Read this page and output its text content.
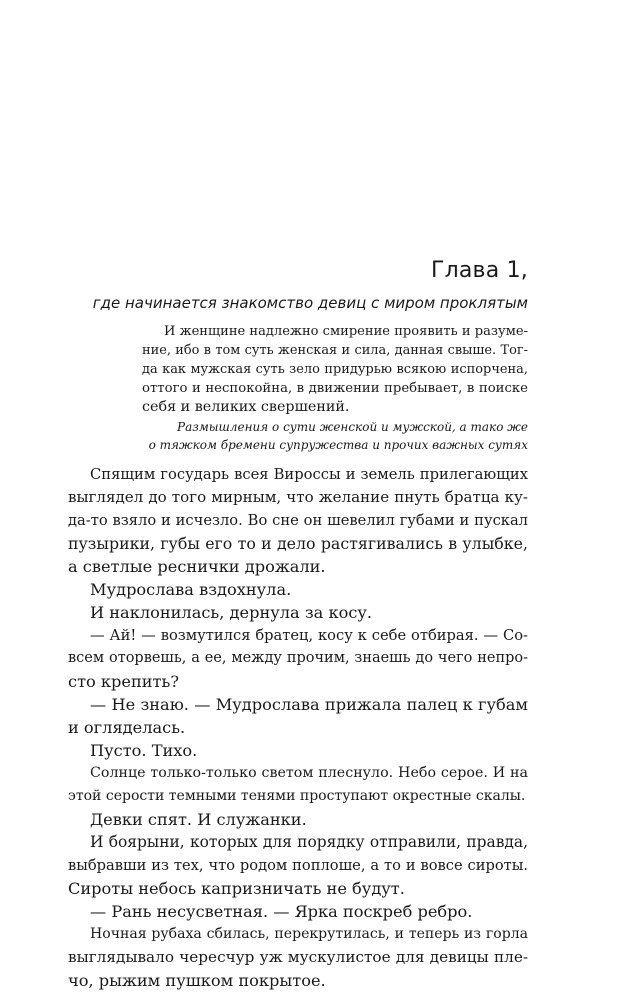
Глава 1,
где начинается знакомство девиц с миром проклятым
И женщине надлежно смирение проявить и разуме-
ние, ибо в том суть женская и сила, данная свыше. Тог-
да как мужская суть зело придурью всякою испорчена,
оттого и неспокойна, в движении пребывает, в поиске
себя и великих свершений.
Размышления о сути женской и мужской, а тако же
о тяжком бремени супружества и прочих важных сутях
Спящим государь всея Вироссы и земель прилегающих
выглядел до того мирным, что желание пнуть братца ку-
да-то взяло и исчезло. Во сне он шевелил губами и пускал
пузырики, губы его то и дело растягивались в улыбке,
а светлые реснички дрожали.
Мудрослава вздохнула.
И наклонилась, дернула за косу.
— Ай! — возмутился братец, косу к себе отбирая. — Со-
всем оторвешь, а ее, между прочим, знаешь до чего непро-
сто крепить?
— Не знаю. — Мудрослава прижала палец к губам
и огляделась.
Пусто. Тихо.
Солнце только-только светом плеснуло. Небо серое. И на
этой серости темными тенями проступают окрестные скалы.
Девки спят. И служанки.
И боярыни, которых для порядку отправили, правда,
выбравши из тех, что родом поплоше, а то и вовсе сироты.
Сироты небось капризничать не будут.
— Рань несусветная. — Ярка поскреб ребро.
Ночная рубаха сбилась, перекрутилась, и теперь из горла
выглядывало чересчур уж мускулистое для девицы пле-
чо, рыжим пушком покрытое.
